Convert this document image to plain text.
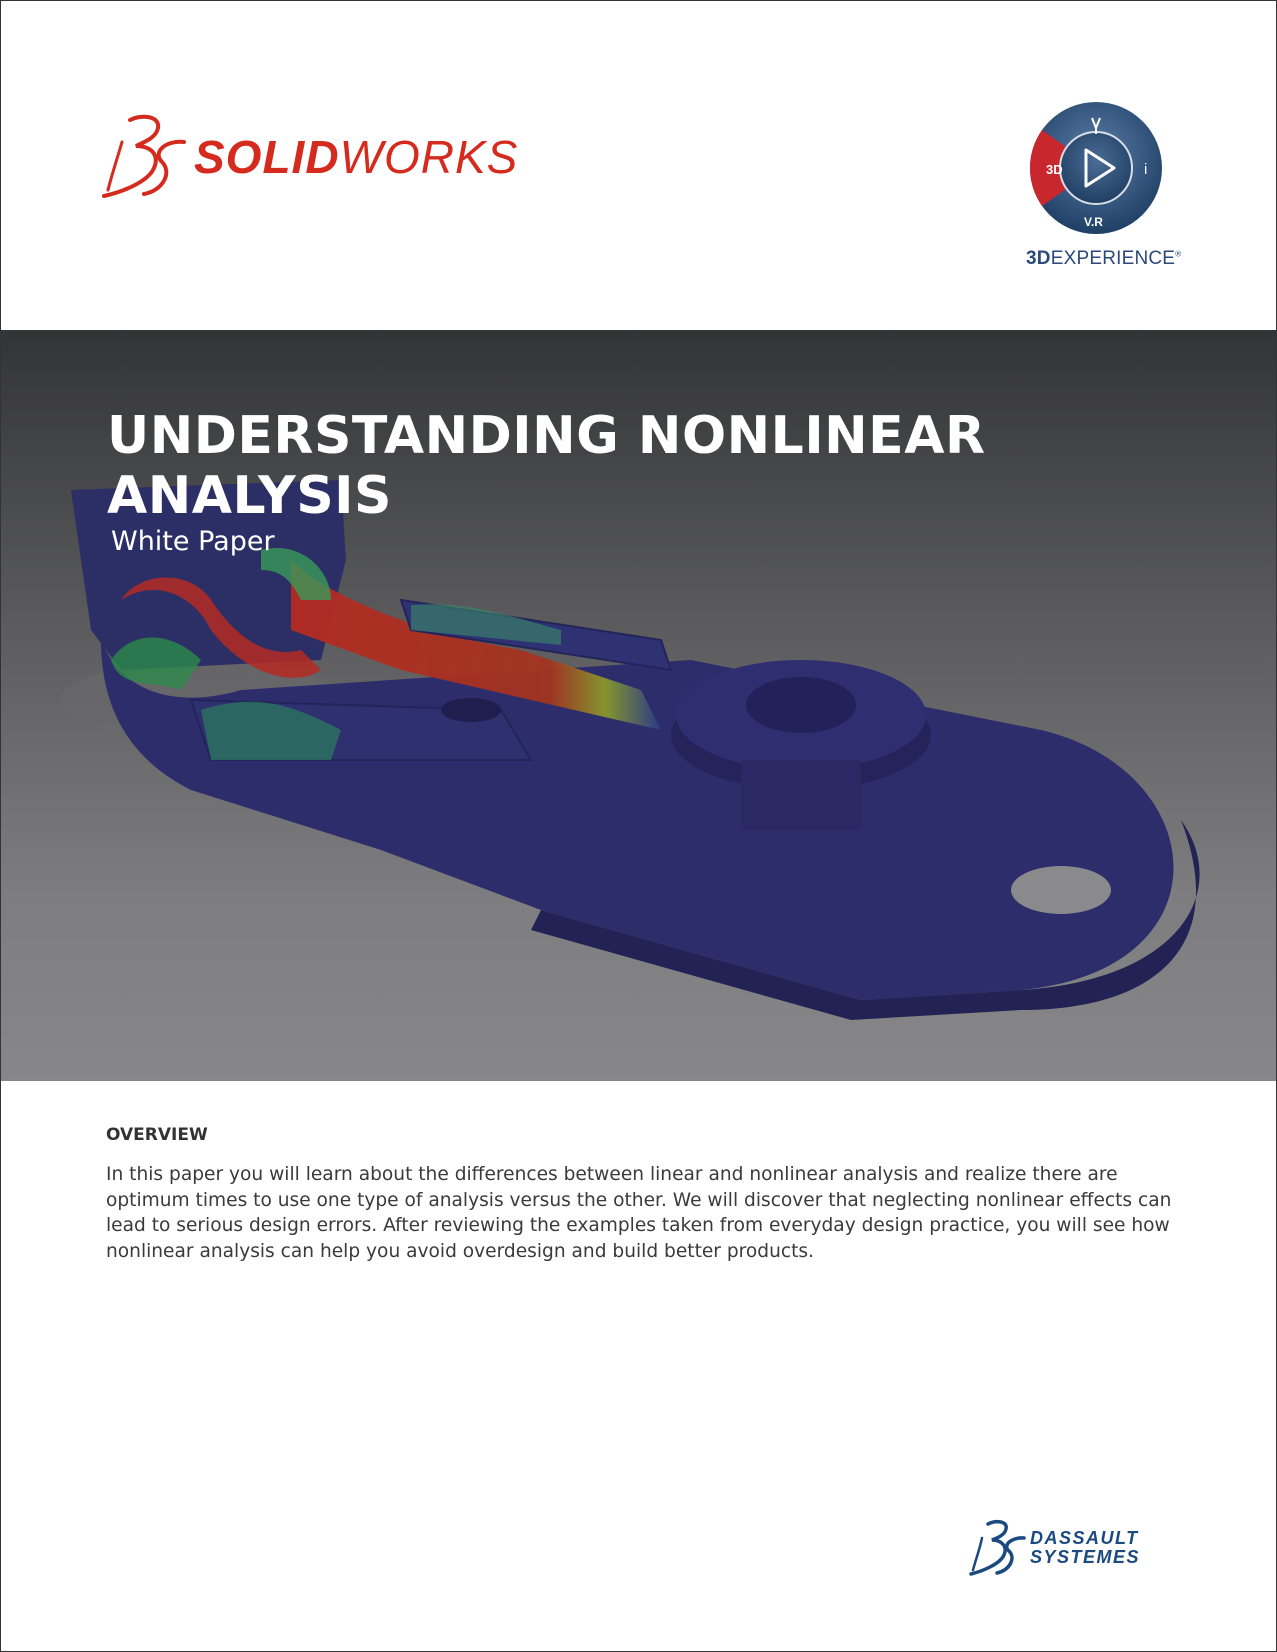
SOLIDWORKS	3D	i
V.R
3DEXPERIENCE®
UNDERSTANDING NONLINEAR
ANALYSIS
White Paper
OVERVIEW

In this paper you will learn about the differences between linear and nonlinear analysis and realize there are optimum times to use one type of analysis versus the other. We will discover that neglecting nonlinear effects can lead to serious design errors. After reviewing the examples taken from everyday design practice, you will see how nonlinear analysis can help you avoid overdesign and build better products.

DASSAULT
SYSTEMES
